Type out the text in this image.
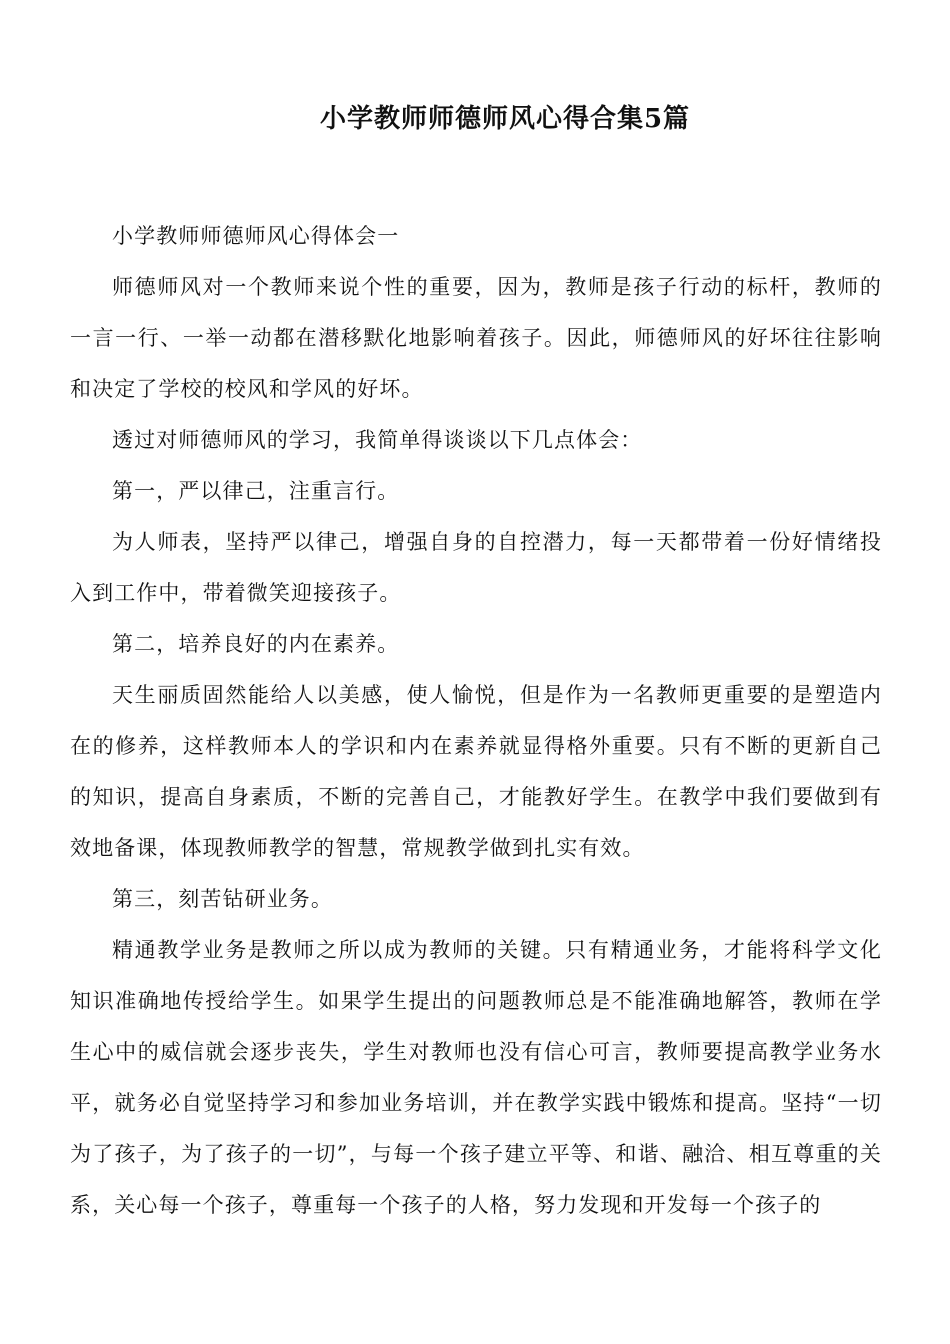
小学教师师德师风心得合集5篇

小学教师师德师风心得体会一

师德师风对一个教师来说个性的重要，因为，教师是孩子行动的标杆，教师的一言一行、一举一动都在潜移默化地影响着孩子。因此，师德师风的好坏往往影响和决定了学校的校风和学风的好坏。

透过对师德师风的学习，我简单得谈谈以下几点体会：

第一，严以律己，注重言行。

为人师表，坚持严以律己，增强自身的自控潜力，每一天都带着一份好情绪投入到工作中，带着微笑迎接孩子。

第二，培养良好的内在素养。

天生丽质固然能给人以美感，使人愉悦，但是作为一名教师更重要的是塑造内在的修养，这样教师本人的学识和内在素养就显得格外重要。只有不断的更新自己的知识，提高自身素质，不断的完善自己，才能教好学生。在教学中我们要做到有效地备课，体现教师教学的智慧，常规教学做到扎实有效。

第三，刻苦钻研业务。

精通教学业务是教师之所以成为教师的关键。只有精通业务，才能将科学文化知识准确地传授给学生。如果学生提出的问题教师总是不能准确地解答，教师在学生心中的威信就会逐步丧失，学生对教师也没有信心可言，教师要提高教学业务水平，就务必自觉坚持学习和参加业务培训，并在教学实践中锻炼和提高。坚持“一切为了孩子，为了孩子的一切”，与每一个孩子建立平等、和谐、融洽、相互尊重的关系，关心每一个孩子，尊重每一个孩子的人格，努力发现和开发每一个孩子的
